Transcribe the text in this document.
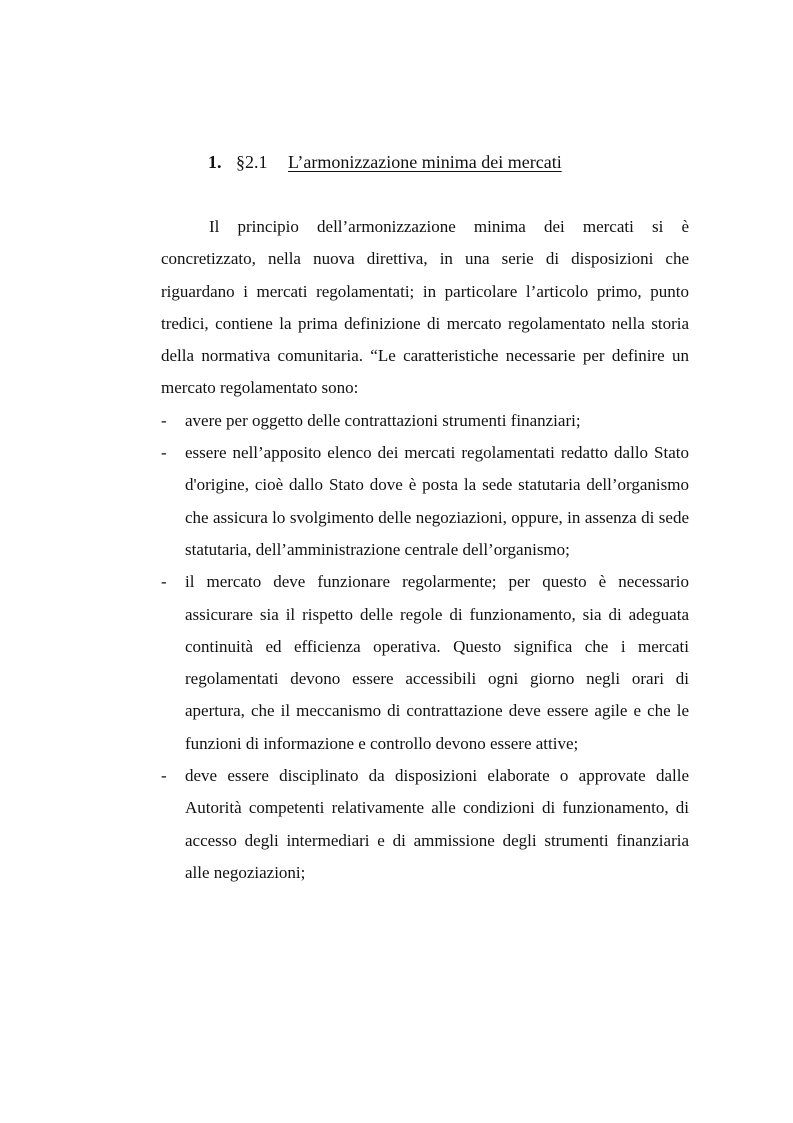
1. §2.1 L’armonizzazione minima dei mercati

Il principio dell’armonizzazione minima dei mercati si è concretizzato, nella nuova direttiva, in una serie di disposizioni che riguardano i mercati regolamentati; in particolare l’articolo primo, punto tredici, contiene la prima definizione di mercato regolamentato nella storia della normativa comunitaria. “Le caratteristiche necessarie per definire un mercato regolamentato sono:

- avere per oggetto delle contrattazioni strumenti finanziari;
- essere nell’apposito elenco dei mercati regolamentati redatto dallo Stato d'origine, cioè dallo Stato dove è posta la sede statutaria dell’organismo che assicura lo svolgimento delle negoziazioni, oppure, in assenza di sede statutaria, dell’amministrazione centrale dell’organismo;
- il mercato deve funzionare regolarmente; per questo è necessario assicurare sia il rispetto delle regole di funzionamento, sia di adeguata continuità ed efficienza operativa. Questo significa che i mercati regolamentati devono essere accessibili ogni giorno negli orari di apertura, che il meccanismo di contrattazione deve essere agile e che le funzioni di informazione e controllo devono essere attive;
- deve essere disciplinato da disposizioni elaborate o approvate dalle Autorità competenti relativamente alle condizioni di funzionamento, di accesso degli intermediari e di ammissione degli strumenti finanziaria alle negoziazioni;
